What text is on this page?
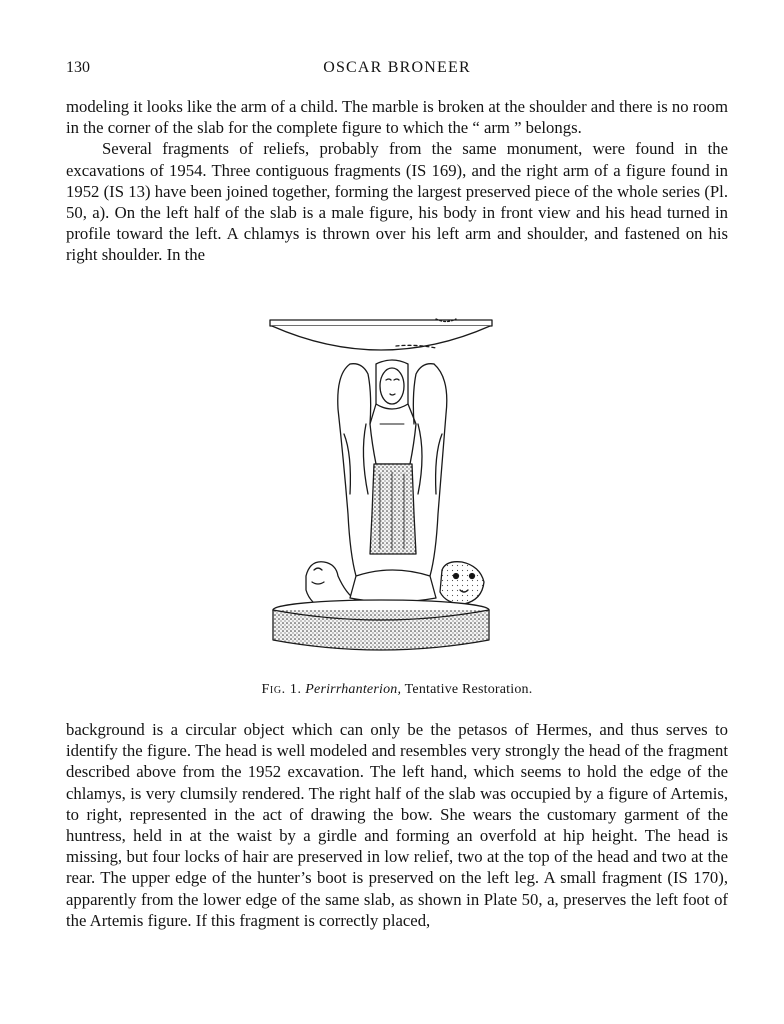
130	OSCAR BRONEER

modeling it looks like the arm of a child. The marble is broken at the shoulder and there is no room in the corner of the slab for the complete figure to which the “ arm ” belongs.

Several fragments of reliefs, probably from the same monument, were found in the excavations of 1954. Three contiguous fragments (IS 169), and the right arm of a figure found in 1952 (IS 13) have been joined together, forming the largest preserved piece of the whole series (Pl. 50, a). On the left half of the slab is a male figure, his body in front view and his head turned in profile toward the left. A chlamys is thrown over his left arm and shoulder, and fastened on his right shoulder. In the

Fig. 1. Perirrhanterion, Tentative Restoration.

background is a circular object which can only be the petasos of Hermes, and thus serves to identify the figure. The head is well modeled and resembles very strongly the head of the fragment described above from the 1952 excavation. The left hand, which seems to hold the edge of the chlamys, is very clumsily rendered. The right half of the slab was occupied by a figure of Artemis, to right, represented in the act of drawing the bow. She wears the customary garment of the huntress, held in at the waist by a girdle and forming an overfold at hip height. The head is missing, but four locks of hair are preserved in low relief, two at the top of the head and two at the rear. The upper edge of the hunter’s boot is preserved on the left leg. A small fragment (IS 170), apparently from the lower edge of the same slab, as shown in Plate 50, a, preserves the left foot of the Artemis figure. If this fragment is correctly placed,
